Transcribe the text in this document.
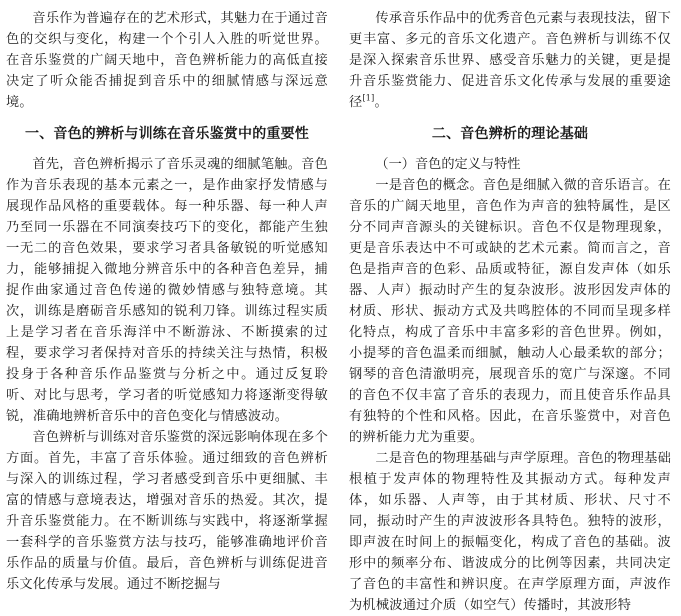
音乐作为普遍存在的艺术形式，其魅力在于通过音色的交织与变化，构建一个个引人入胜的听觉世界。在音乐鉴赏的广阔天地中，音色辨析能力的高低直接决定了听众能否捕捉到音乐中的细腻情感与深远意境。

一、音色的辨析与训练在音乐鉴赏中的重要性

首先，音色辨析揭示了音乐灵魂的细腻笔触。音色作为音乐表现的基本元素之一，是作曲家抒发情感与展现作品风格的重要载体。每一种乐器、每一种人声乃至同一乐器在不同演奏技巧下的变化，都能产生独一无二的音色效果，要求学习者具备敏锐的听觉感知力，能够捕捉入微地分辨音乐中的各种音色差异，捕捉作曲家通过音色传递的微妙情感与独特意境。其次，训练是磨砺音乐感知的锐利刀锋。训练过程实质上是学习者在音乐海洋中不断游泳、不断摸索的过程，要求学习者保持对音乐的持续关注与热情，积极投身于各种音乐作品鉴赏与分析之中。通过反复聆听、对比与思考，学习者的听觉感知力将逐渐变得敏锐，准确地辨析音乐中的音色变化与情感波动。

音色辨析与训练对音乐鉴赏的深远影响体现在多个方面。首先，丰富了音乐体验。通过细致的音色辨析与深入的训练过程，学习者感受到音乐中更细腻、丰富的情感与意境表达，增强对音乐的热爱。其次，提升音乐鉴赏能力。在不断训练与实践中，将逐渐掌握一套科学的音乐鉴赏方法与技巧，能够准确地评价音乐作品的质量与价值。最后，音色辨析与训练促进音乐文化传承与发展。通过不断挖掘与

传承音乐作品中的优秀音色元素与表现技法，留下更丰富、多元的音乐文化遗产。音色辨析与训练不仅是深入探索音乐世界、感受音乐魅力的关键，更是提升音乐鉴赏能力、促进音乐文化传承与发展的重要途径[1]。

二、音色辨析的理论基础
（一）音色的定义与特性

一是音色的概念。音色是细腻入微的音乐语言。在音乐的广阔天地里，音色作为声音的独特属性，是区分不同声音源头的关键标识。音色不仅是物理现象，更是音乐表达中不可或缺的艺术元素。简而言之，音色是指声音的色彩、品质或特征，源自发声体（如乐器、人声）振动时产生的复杂波形。波形因发声体的材质、形状、振动方式及共鸣腔体的不同而呈现多样化特点，构成了音乐中丰富多彩的音色世界。例如，小提琴的音色温柔而细腻，触动人心最柔软的部分；钢琴的音色清澈明亮，展现音乐的宽广与深邃。不同的音色不仅丰富了音乐的表现力，而且使音乐作品具有独特的个性和风格。因此，在音乐鉴赏中，对音色的辨析能力尤为重要。

二是音色的物理基础与声学原理。音色的物理基础根植于发声体的物理特性及其振动方式。每种发声体，如乐器、人声等，由于其材质、形状、尺寸不同，振动时产生的声波波形各具特色。独特的波形，即声波在时间上的振幅变化，构成了音色的基础。波形中的频率分布、谐波成分的比例等因素，共同决定了音色的丰富性和辨识度。在声学原理方面，声波作为机械波通过介质（如空气）传播时，其波形特
